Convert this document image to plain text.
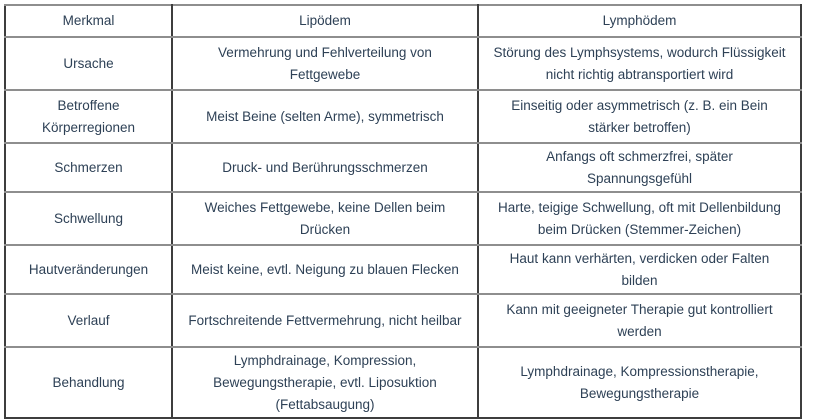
Merkmal	Lipödem	Lymphödem
Ursache	Vermehrung und Fehlverteilung von Fettgewebe	Störung des Lymphsystems, wodurch Flüssigkeit nicht richtig abtransportiert wird
Betroffene Körperregionen	Meist Beine (selten Arme), symmetrisch	Einseitig oder asymmetrisch (z. B. ein Bein stärker betroffen)
Schmerzen	Druck- und Berührungsschmerzen	Anfangs oft schmerzfrei, später Spannungsgefühl
Schwellung	Weiches Fettgewebe, keine Dellen beim Drücken	Harte, teigige Schwellung, oft mit Dellenbildung beim Drücken (Stemmer-Zeichen)
Hautveränderungen	Meist keine, evtl. Neigung zu blauen Flecken	Haut kann verhärten, verdicken oder Falten bilden
Verlauf	Fortschreitende Fettvermehrung, nicht heilbar	Kann mit geeigneter Therapie gut kontrolliert werden
Behandlung	Lymphdrainage, Kompression, Bewegungstherapie, evtl. Liposuktion (Fettabsaugung)	Lymphdrainage, Kompressionstherapie, Bewegungstherapie
